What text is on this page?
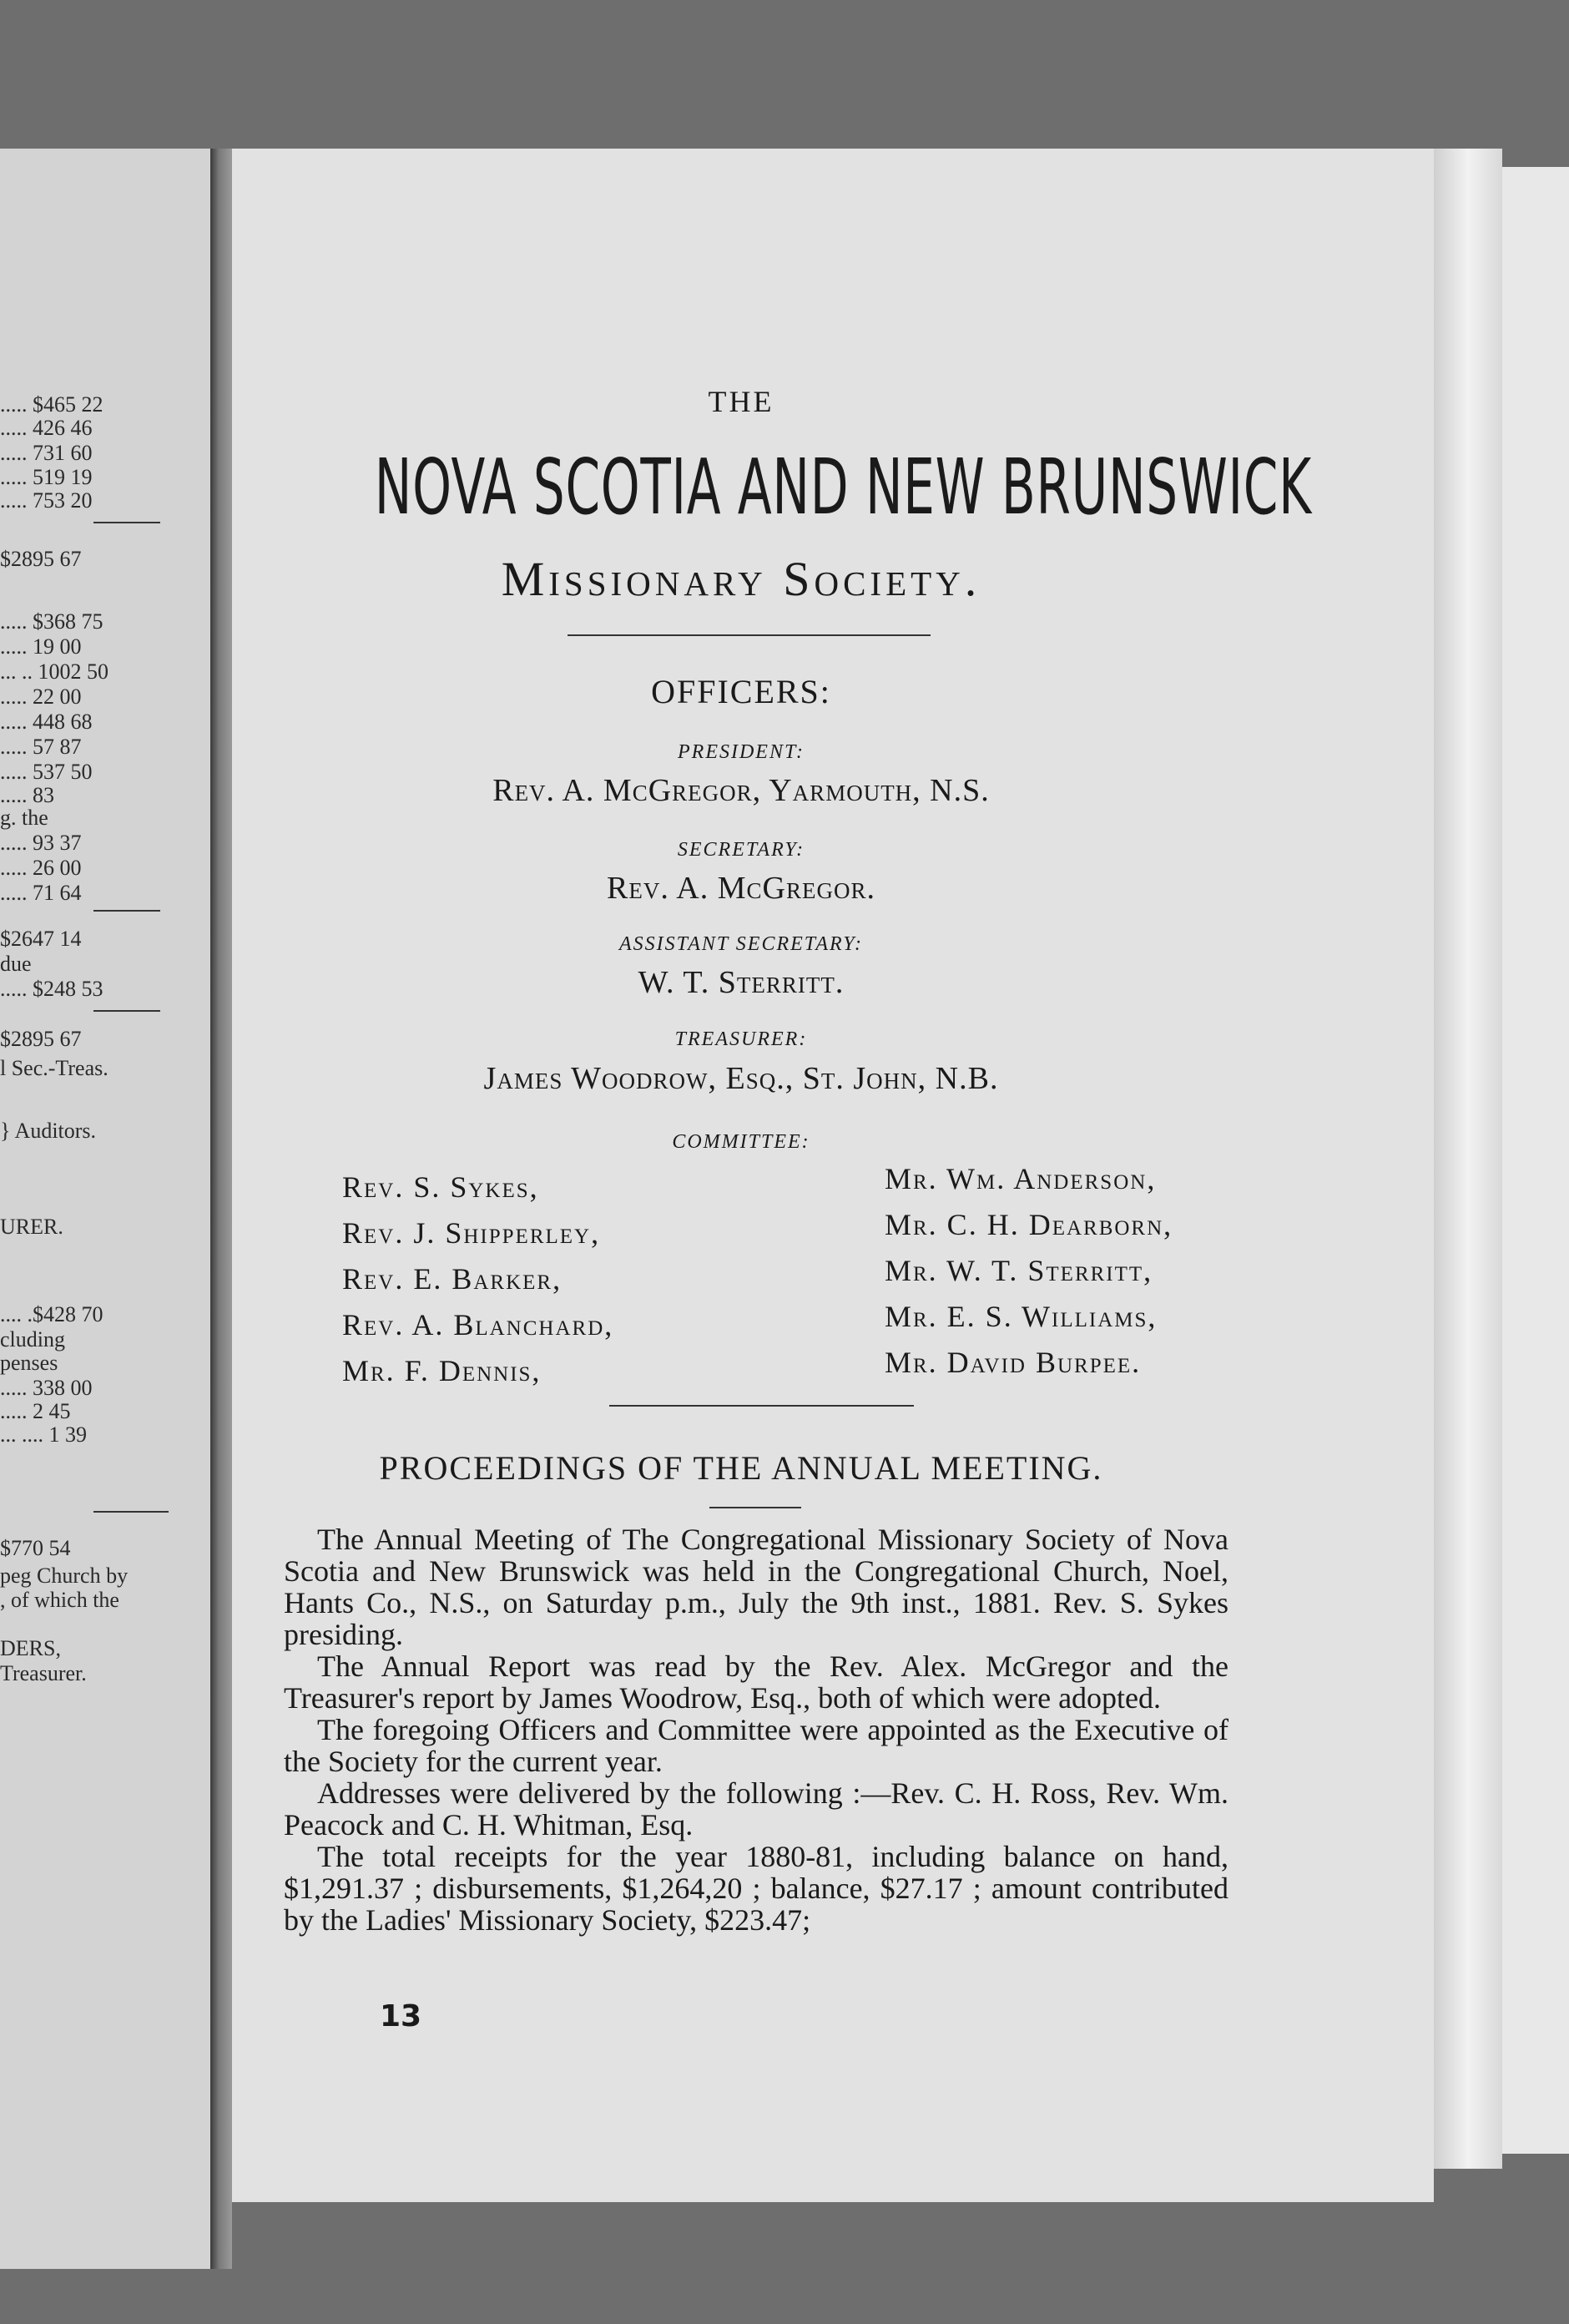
..... $465 22
..... 426 46
..... 731 60
..... 519 19
..... 753 20
$2895 67
..... $368 75
..... 19 00
... .. 1002 50
..... 22 00
..... 448 68
..... 57 87
..... 537 50
..... 83
g. the
..... 93 37
..... 26 00
..... 71 64
$2647 14
due
..... $248 53
$2895 67
l Sec.-Treas.
} Auditors.
URER.
.... .$428 70
cluding
penses
..... 338 00
..... 2 45
... .... 1 39
$770 54
peg Church by
, of which the
DERS,
Treasurer.
THE
NOVA SCOTIA AND NEW BRUNSWICK
Missionary Society.
OFFICERS:
PRESIDENT:
Rev. A. McGregor, Yarmouth, N.S.
SECRETARY:
Rev. A. McGregor.
ASSISTANT SECRETARY:
W. T. Sterritt.
TREASURER:
James Woodrow, Esq., St. John, N.B.
COMMITTEE:
Rev. S. Sykes,
Rev. J. Shipperley,
Rev. E. Barker,
Rev. A. Blanchard,
Mr. F. Dennis,
Mr. Wm. Anderson,
Mr. C. H. Dearborn,
Mr. W. T. Sterritt,
Mr. E. S. Williams,
Mr. David Burpee.
PROCEEDINGS OF THE ANNUAL MEETING.

The Annual Meeting of The Congregational Missionary Society of Nova Scotia and New Brunswick was held in the Congregational Church, Noel, Hants Co., N.S., on Saturday p.m., July the 9th inst., 1881. Rev. S. Sykes presiding.

The Annual Report was read by the Rev. Alex. McGregor and the Treasurer's report by James Woodrow, Esq., both of which were adopted.

The foregoing Officers and Committee were appointed as the Executive of the Society for the current year.

Addresses were delivered by the following :—Rev. C. H. Ross, Rev. Wm. Peacock and C. H. Whitman, Esq.

The total receipts for the year 1880-81, including balance on hand, $1,291.37 ; disbursements, $1,264,20 ; balance, $27.17 ; amount contributed by the Ladies' Missionary Society, $223.47;

13
